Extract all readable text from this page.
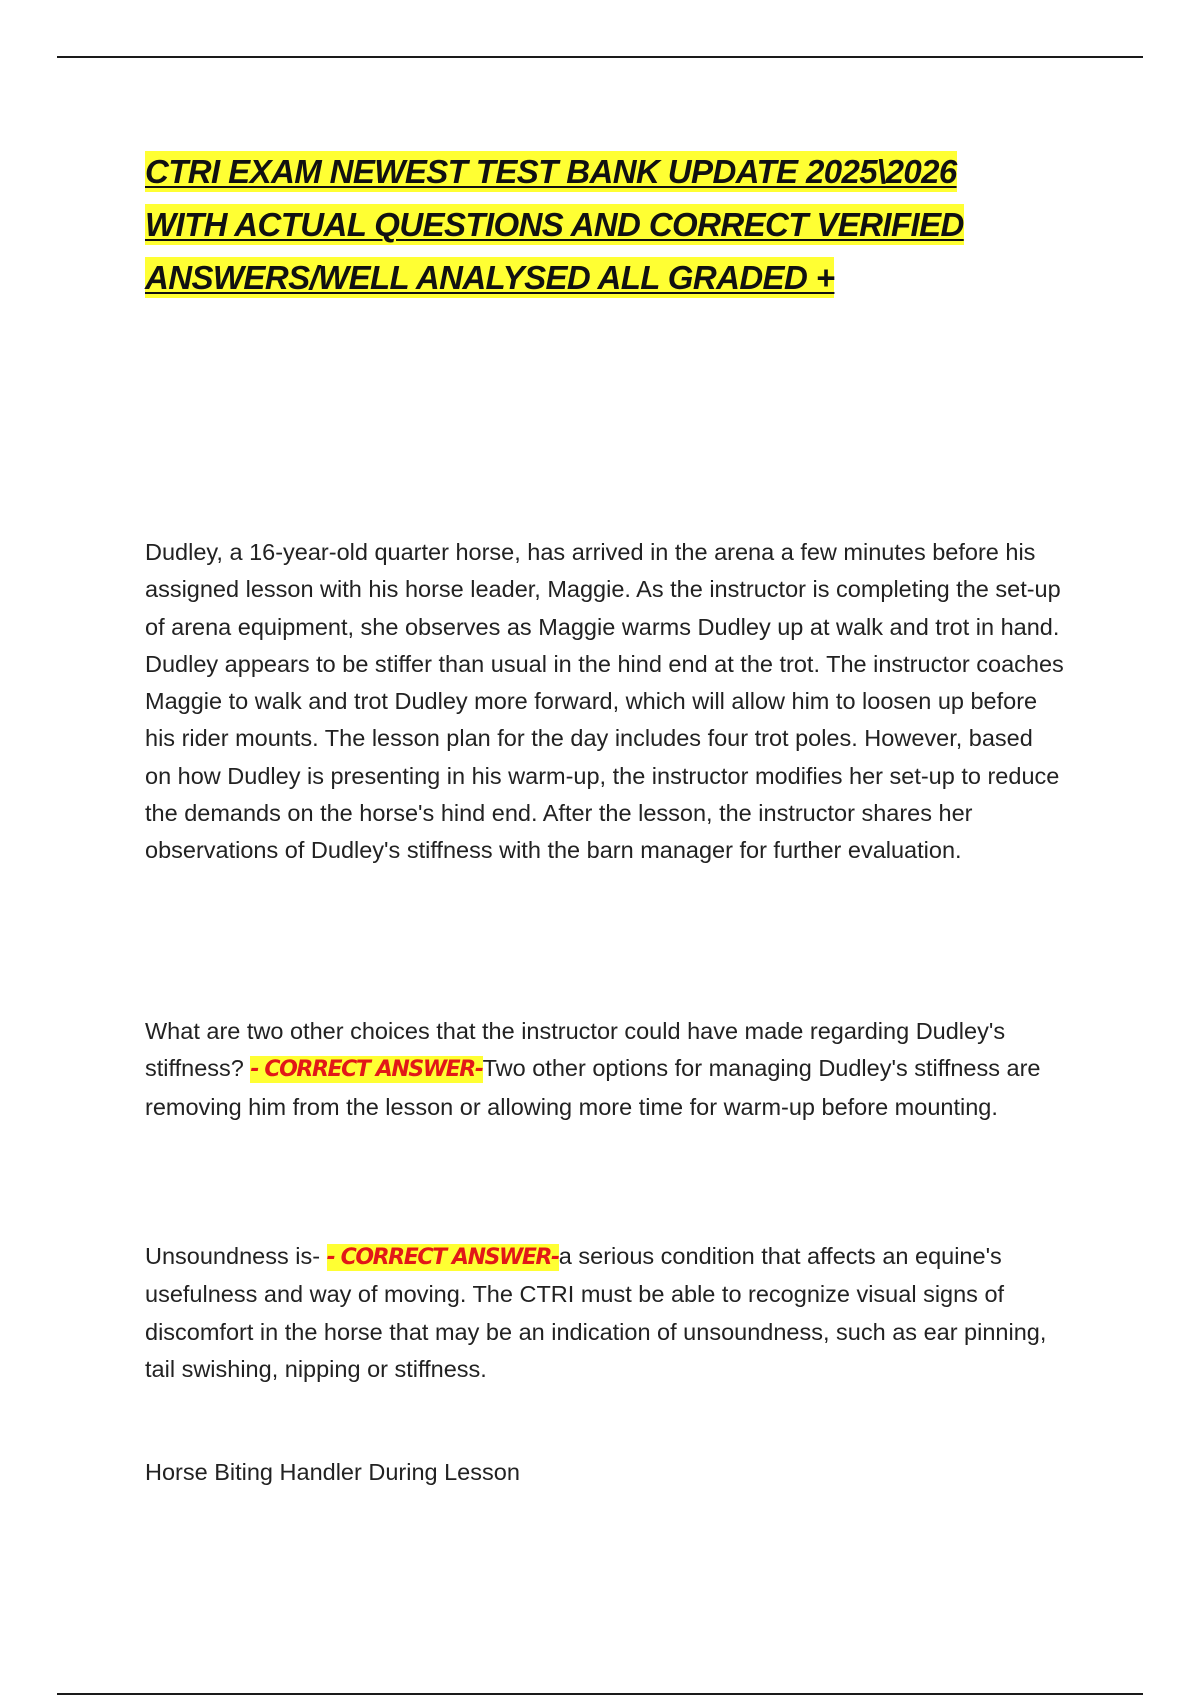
CTRI EXAM NEWEST TEST BANK UPDATE 2025\2026 WITH ACTUAL QUESTIONS AND CORRECT VERIFIED ANSWERS/WELL ANALYSED ALL GRADED +

Dudley, a 16-year-old quarter horse, has arrived in the arena a few minutes before his assigned lesson with his horse leader, Maggie. As the instructor is completing the set-up of arena equipment, she observes as Maggie warms Dudley up at walk and trot in hand. Dudley appears to be stiffer than usual in the hind end at the trot. The instructor coaches Maggie to walk and trot Dudley more forward, which will allow him to loosen up before his rider mounts. The lesson plan for the day includes four trot poles. However, based on how Dudley is presenting in his warm-up, the instructor modifies her set-up to reduce the demands on the horse's hind end. After the lesson, the instructor shares her observations of Dudley's stiffness with the barn manager for further evaluation.

What are two other choices that the instructor could have made regarding Dudley's stiffness? - CORRECT ANSWER-Two other options for managing Dudley's stiffness are removing him from the lesson or allowing more time for warm-up before mounting.

Unsoundness is- - CORRECT ANSWER-a serious condition that affects an equine's usefulness and way of moving. The CTRI must be able to recognize visual signs of discomfort in the horse that may be an indication of unsoundness, such as ear pinning, tail swishing, nipping or stiffness.

Horse Biting Handler During Lesson
